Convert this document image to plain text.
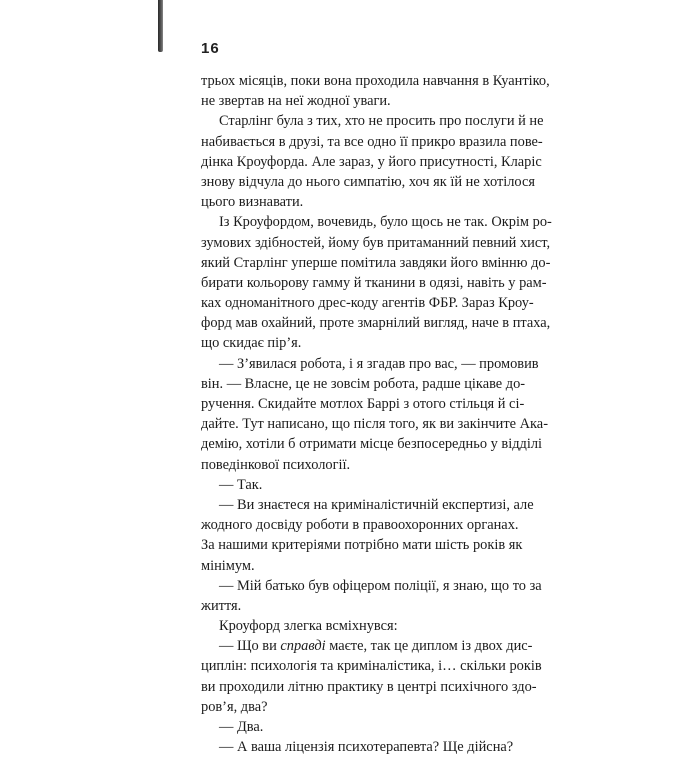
16
трьох місяців, поки вона проходила навчання в Куантіко,
не звертав на неї жодної уваги.
Старлінг була з тих, хто не просить про послуги й не
набивається в друзі, та все одно її прикро вразила пове-
дінка Кроуфорда. Але зараз, у його присутності, Кларіс
знову відчула до нього симпатію, хоч як їй не хотілося
цього визнавати.
Із Кроуфордом, вочевидь, було щось не так. Окрім ро-
зумових здібностей, йому був притаманний певний хист,
який Старлінг уперше помітила завдяки його вмінню до-
бирати кольорову гамму й тканини в одязі, навіть у рам-
ках одноманітного дрес-коду агентів ФБР. Зараз Кроу-
форд мав охайний, проте змарнілий вигляд, наче в птаха,
що скидає пір’я.
— З’явилася робота, і я згадав про вас, — промовив
він. — Власне, це не зовсім робота, радше цікаве до-
ручення. Скидайте мотлох Баррі з отого стільця й сі-
дайте. Тут написано, що після того, як ви закінчите Ака-
демію, хотіли б отримати місце безпосередньо у відділі
поведінкової психології.
— Так.
— Ви знаєтеся на криміналістичній експертизі, але
жодного досвіду роботи в правоохоронних органах.
За нашими критеріями потрібно мати шість років як
мінімум.
— Мій батько був офіцером поліції, я знаю, що то за
життя.
Кроуфорд злегка всміхнувся:
— Що ви справді маєте, так це диплом із двох дис-
циплін: психологія та криміналістика, і… скільки років
ви проходили літню практику в центрі психічного здо-
ров’я, два?
— Два.
— А ваша ліцензія психотерапевта? Ще дійсна?
